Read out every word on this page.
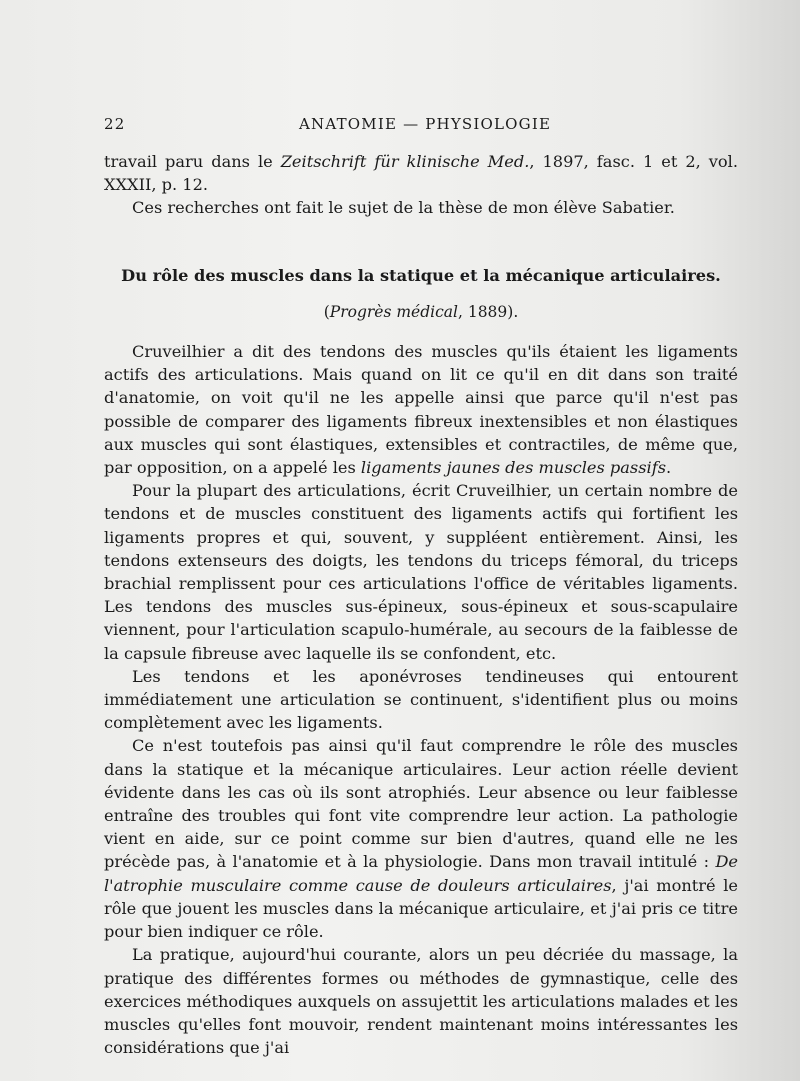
22	ANATOMIE — PHYSIOLOGIE

travail paru dans le Zeitschrift für klinische Med., 1897, fasc. 1 et 2, vol. XXXII, p. 12.

Ces recherches ont fait le sujet de la thèse de mon élève Sabatier.

Du rôle des muscles dans la statique et la mécanique articulaires.

(Progrès médical, 1889).

Cruveilhier a dit des tendons des muscles qu'ils étaient les ligaments actifs des articulations. Mais quand on lit ce qu'il en dit dans son traité d'anatomie, on voit qu'il ne les appelle ainsi que parce qu'il n'est pas possible de comparer des ligaments fibreux inextensibles et non élastiques aux muscles qui sont élastiques, extensibles et contractiles, de même que, par opposition, on a appelé les ligaments jaunes des muscles passifs.

Pour la plupart des articulations, écrit Cruveilhier, un certain nombre de tendons et de muscles constituent des ligaments actifs qui fortifient les ligaments propres et qui, souvent, y suppléent entièrement. Ainsi, les tendons extenseurs des doigts, les tendons du triceps fémoral, du triceps brachial remplissent pour ces articulations l'office de véritables ligaments. Les tendons des muscles sus-épineux, sous-épineux et sous-scapulaire viennent, pour l'articulation scapulo-humérale, au secours de la faiblesse de la capsule fibreuse avec laquelle ils se confondent, etc.

Les tendons et les aponévroses tendineuses qui entourent immédiatement une articulation se continuent, s'identifient plus ou moins complètement avec les ligaments.

Ce n'est toutefois pas ainsi qu'il faut comprendre le rôle des muscles dans la statique et la mécanique articulaires. Leur action réelle devient évidente dans les cas où ils sont atrophiés. Leur absence ou leur faiblesse entraîne des troubles qui font vite comprendre leur action. La pathologie vient en aide, sur ce point comme sur bien d'autres, quand elle ne les précède pas, à l'anatomie et à la physiologie. Dans mon travail intitulé : De l'atrophie musculaire comme cause de douleurs articulaires, j'ai montré le rôle que jouent les muscles dans la mécanique articulaire, et j'ai pris ce titre pour bien indiquer ce rôle.

La pratique, aujourd'hui courante, alors un peu décriée du massage, la pratique des différentes formes ou méthodes de gymnastique, celle des exercices méthodiques auxquels on assujettit les articulations malades et les muscles qu'elles font mouvoir, rendent maintenant moins intéressantes les considérations que j'ai
